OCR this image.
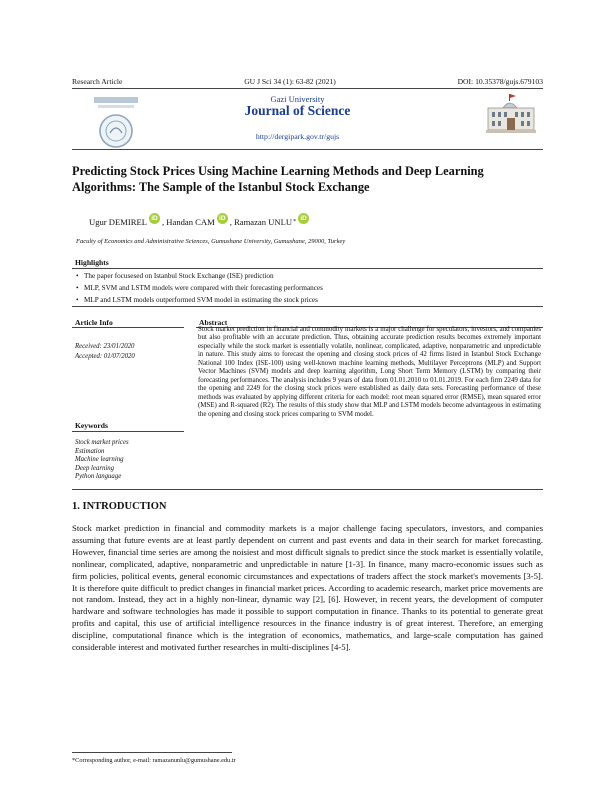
Research Article	GU J Sci 34 (1): 63-82 (2021)	DOI: 10.35378/gujs.679103
Gazi University
Journal of Science
http://dergipark.gov.tr/gujs
Predicting Stock Prices Using Machine Learning Methods and Deep Learning Algorithms: The Sample of the Istanbul Stock Exchange
Ugur DEMIREL iD , Handan CAM iD , Ramazan UNLU * iD
Faculty of Economics and Administrative Sciences, Gumushane University, Gumushane, 29000, Turkey
Highlights
• The paper focusesed on Istanbul Stock Exchange (ISE) prediction
• MLP, SVM and LSTM models were compared with their forecasting performances
• MLP and LSTM models outperformed SVM model in estimating the stock prices
Article Info	Abstract
Received: 23/01/2020
Accepted: 01/07/2020
Keywords
Stock market prices
Estimation
Machine learning
Deep learning
Python language
Stock market prediction in financial and commodity markets is a major challenge for speculators, investors, and companies but also profitable with an accurate prediction. Thus, obtaining accurate prediction results becomes extremely important especially while the stock market is essentially volatile, nonlinear, complicated, adaptive, nonparametric and unpredictable in nature. This study aims to forecast the opening and closing stock prices of 42 firms listed in Istanbul Stock Exchange National 100 Index (ISE-100) using well-known machine learning methods, Multilayer Perceptrons (MLP) and Support Vector Machines (SVM) models and deep learning algorithm, Long Short Term Memory (LSTM) by comparing their forecasting performances. The analysis includes 9 years of data from 01.01.2010 to 01.01.2019. For each firm 2249 data for the opening and 2249 for the closing stock prices were established as daily data sets. Forecasting performance of these methods was evaluated by applying different criteria for each model: root mean squared error (RMSE), mean squared error (MSE) and R-squared (R2). The results of this study show that MLP and LSTM models become advantageous in estimating the opening and closing stock prices comparing to SVM model.
1. INTRODUCTION
Stock market prediction in financial and commodity markets is a major challenge facing speculators, investors, and companies assuming that future events are at least partly dependent on current and past events and data in their search for market forecasting. However, financial time series are among the noisiest and most difficult signals to predict since the stock market is essentially volatile, nonlinear, complicated, adaptive, nonparametric and unpredictable in nature [1-3]. In finance, many macro-economic issues such as firm policies, political events, general economic circumstances and expectations of traders affect the stock market's movements [3-5]. It is therefore quite difficult to predict changes in financial market prices. According to academic research, market price movements are not random. Instead, they act in a highly non-linear, dynamic way [2], [6]. However, in recent years, the development of computer hardware and software technologies has made it possible to support computation in finance. Thanks to its potential to generate great profits and capital, this use of artificial intelligence resources in the finance industry is of great interest. Therefore, an emerging discipline, computational finance which is the integration of economics, mathematics, and large-scale computation has gained considerable interest and motivated further researches in multi-disciplines [4-5].
*Corresponding author, e-mail: ramazanunlu@gumushane.edu.tr
